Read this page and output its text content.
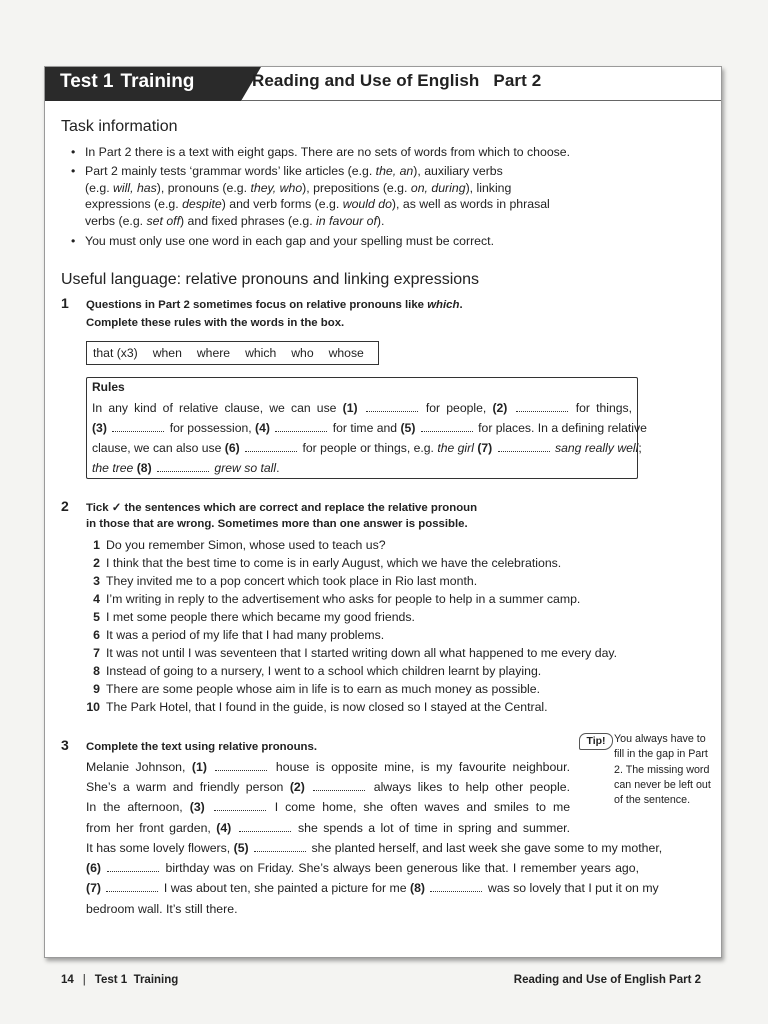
Test 1 Training	Reading and Use of English Part 2
Task information
• In Part 2 there is a text with eight gaps. There are no sets of words from which to choose.
• Part 2 mainly tests ‘grammar words’ like articles (e.g. the, an), auxiliary verbs
(e.g. will, has), pronouns (e.g. they, who), prepositions (e.g. on, during), linking
expressions (e.g. despite) and verb forms (e.g. would do), as well as words in phrasal
verbs (e.g. set off) and fixed phrases (e.g. in favour of).
• You must only use one word in each gap and your spelling must be correct.
Useful language: relative pronouns and linking expressions
1 Questions in Part 2 sometimes focus on relative pronouns like which.
Complete these rules with the words in the box.
that (x3) when where which who whose
Rules
In any kind of relative clause, we can use (1)	for people, (2)	for things,
(3)	for possession, (4)	for time and (5)	for places. In a defining relative
clause, we can also use (6)	for people or things, e.g. the girl (7)	sang really well;
the tree (8)	grew so tall.
2 Tick ✓ the sentences which are correct and replace the relative pronoun
in those that are wrong. Sometimes more than one answer is possible.
1 Do you remember Simon, whose used to teach us?
2 I think that the best time to come is in early August, which we have the celebrations.
3 They invited me to a pop concert which took place in Rio last month.
4 I’m writing in reply to the advertisement who asks for people to help in a summer camp.
5 I met some people there which became my good friends.
6 It was a period of my life that I had many problems.
7 It was not until I was seventeen that I started writing down all what happened to me every day.
8 Instead of going to a nursery, I went to a school which children learnt by playing.
9 There are some people whose aim in life is to earn as much money as possible.
10 The Park Hotel, that I found in the guide, is now closed so I stayed at the Central.
3 Complete the text using relative pronouns.
Melanie Johnson, (1)	house is opposite mine, is my favourite neighbour.
She’s a warm and friendly person (2)	always likes to help other people.
In the afternoon, (3)	I come home, she often waves and smiles to me
from her front garden, (4)	she spends a lot of time in spring and summer.
It has some lovely flowers, (5)	she planted herself, and last week she gave some to my mother,
(6)	birthday was on Friday. She’s always been generous like that. I remember years ago,
(7)	I was about ten, she painted a picture for me (8)	was so lovely that I put it on my
bedroom wall. It’s still there.
Tip! You always have to fill in the gap in Part 2. The missing word can never be left out of the sentence.
14 | Test 1  Training	Reading and Use of English Part 2
